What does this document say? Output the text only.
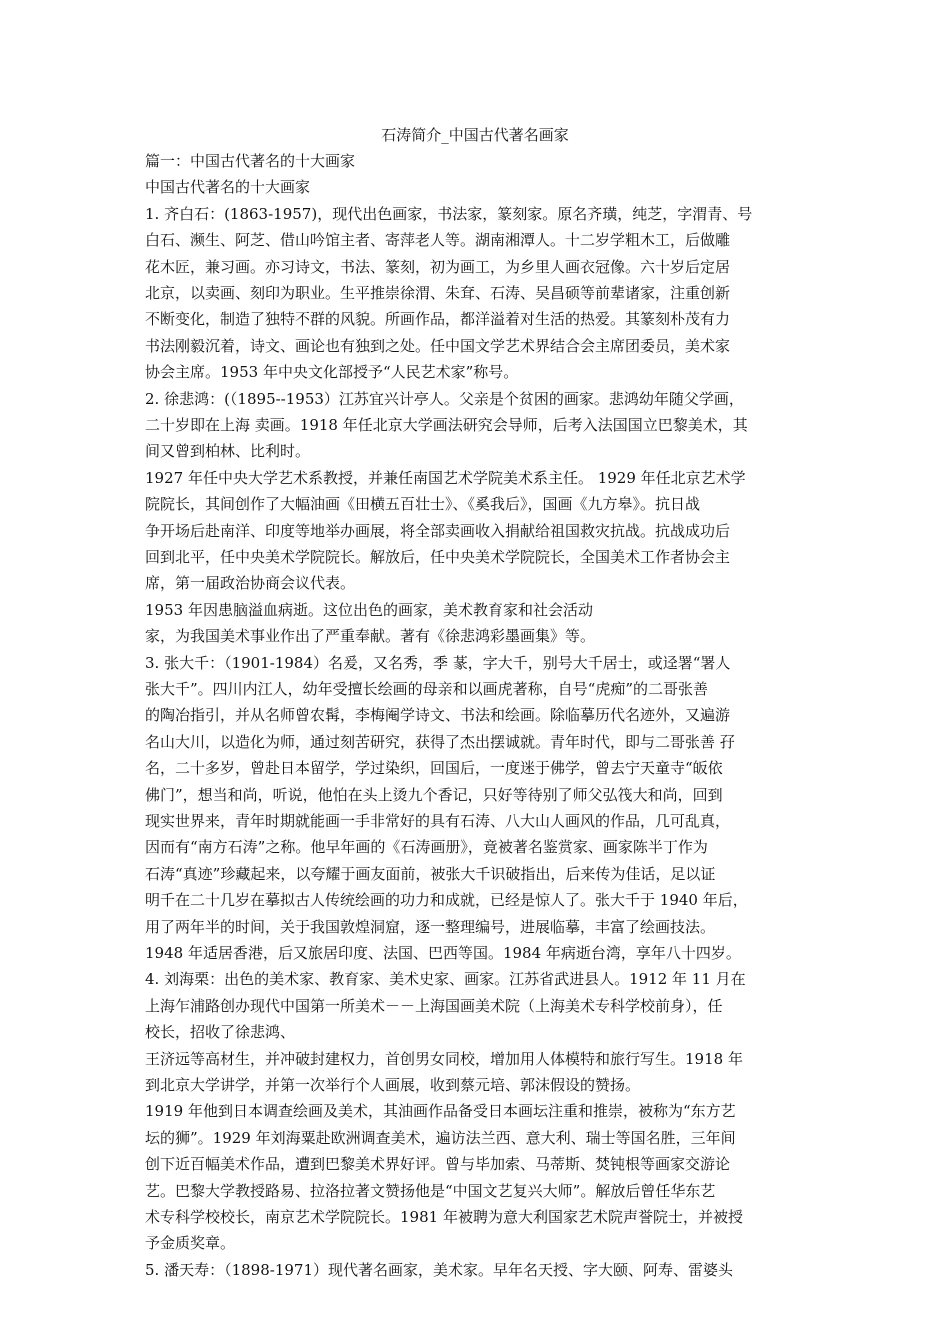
石涛简介_中国古代著名画家
篇一：中国古代著名的十大画家
中国古代著名的十大画家
1. 齐白石：(1863-1957)，现代出色画家，书法家，篆刻家。原名齐璜，纯芝，字渭青、号
白石、濒生、阿芝、借山吟馆主者、寄萍老人等。湖南湘潭人。十二岁学粗木工，后做雕
花木匠，兼习画。亦习诗文，书法、篆刻，初为画工，为乡里人画衣冠像。六十岁后定居
北京，以卖画、刻印为职业。生平推崇徐渭、朱耷、石涛、吴昌硕等前辈诸家，注重创新
不断变化，制造了独特不群的风貌。所画作品，都洋溢着对生活的热爱。其篆刻朴茂有力
书法刚毅沉着，诗文、画论也有独到之处。任中国文学艺术界结合会主席团委员，美术家
协会主席。1953 年中央文化部授予“人民艺术家”称号。
2. 徐悲鸿：(（1895--1953）江苏宜兴计亭人。父亲是个贫困的画家。悲鸿幼年随父学画，
二十岁即在上海 卖画。1918 年任北京大学画法研究会导师，后考入法国国立巴黎美术，其
间又曾到柏林、比利时。
1927 年任中央大学艺术系教授，并兼任南国艺术学院美术系主任。 1929 年任北京艺术学
院院长，其间创作了大幅油画《田横五百壮士》、《奚我后》，国画《九方皋》。抗日战
争开场后赴南洋、印度等地举办画展，将全部卖画收入捐献给祖国救灾抗战。抗战成功后
回到北平，任中央美术学院院长。解放后，任中央美术学院院长，全国美术工作者协会主
席，第一届政治协商会议代表。
1953 年因患脑溢血病逝。这位出色的画家，美术教育家和社会活动
家，为我国美术事业作出了严重奉献。著有《徐悲鸿彩墨画集》等。
3. 张大千：（1901-1984）名爰，又名秀，季 蒃，字大千，别号大千居士，或迳署“署人
张大千”。四川内江人，幼年受擅长绘画的母亲和以画虎著称，自号“虎痴”的二哥张善
的陶冶指引，并从名师曾农髯，李梅阉学诗文、书法和绘画。除临摹历代名迹外，又遍游
名山大川，以造化为师，通过刻苦研究，获得了杰出摆诚就。青年时代，即与二哥张善 孖
名，二十多岁，曾赴日本留学，学过染织，回国后，一度迷于佛学，曾去宁天童寺“皈依
佛门”，想当和尚，听说，他怕在头上烫九个香记，只好等待别了师父弘筏大和尚，回到
现实世界来，青年时期就能画一手非常好的具有石涛、八大山人画风的作品，几可乱真，
因而有“南方石涛”之称。他早年画的《石涛画册》，竟被著名鉴赏家、画家陈半丁作为
石涛“真迹”珍藏起来，以夸耀于画友面前，被张大千识破指出，后来传为佳话，足以证
明千在二十几岁在摹拟古人传统绘画的功力和成就，已经是惊人了。张大千于 1940 年后，
用了两年半的时间，关于我国敦煌洞窟，逐一整理编号，进展临摹，丰富了绘画技法。
1948 年适居香港，后又旅居印度、法国、巴西等国。1984 年病逝台湾，享年八十四岁。
4. 刘海栗：出色的美术家、教育家、美术史家、画家。江苏省武进县人。1912 年 11 月在
上海乍浦路创办现代中国第一所美术－－上海国画美术院（上海美术专科学校前身），任
校长，招收了徐悲鸿、
王济远等高材生，并冲破封建权力，首创男女同校，增加用人体模特和旅行写生。1918 年
到北京大学讲学，并第一次举行个人画展，收到蔡元培、郭沫假设的赞扬。
1919 年他到日本调查绘画及美术，其油画作品备受日本画坛注重和推崇，被称为“东方艺
坛的狮”。1929 年刘海粟赴欧洲调查美术，遍访法兰西、意大利、瑞士等国名胜，三年间
创下近百幅美术作品，遭到巴黎美术界好评。曾与毕加索、马蒂斯、焚钝根等画家交游论
艺。巴黎大学教授路易、拉洛拉著文赞扬他是“中国文艺复兴大师”。解放后曾任华东艺
术专科学校校长，南京艺术学院院长。1981 年被聘为意大利国家艺术院声誉院士，并被授
予金质奖章。
5. 潘天寿：（1898-1971）现代著名画家，美术家。早年名天授、字大颐、阿寿、雷婆头
